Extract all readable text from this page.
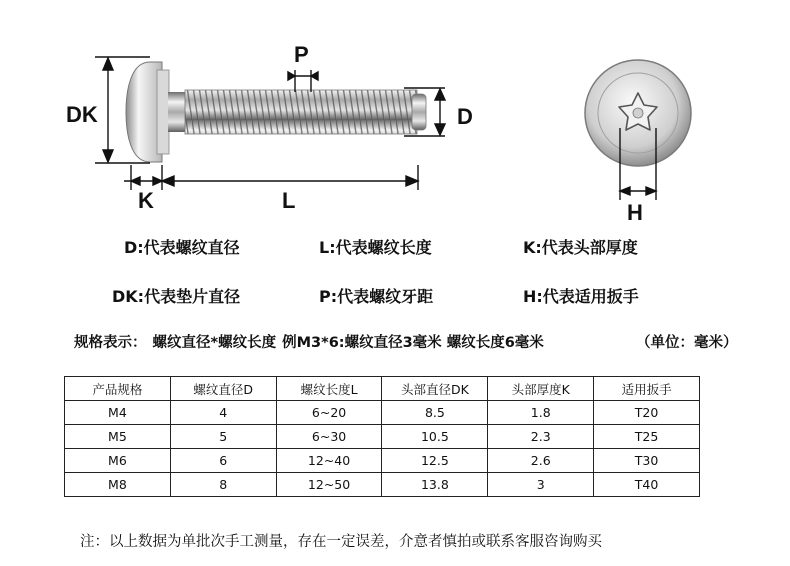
DK
P
D
K	L	H
D:代表螺纹直径	L:代表螺纹长度	K:代表头部厚度
DK:代表垫片直径	P:代表螺纹牙距	H:代表适用扳手
规格表示： 螺纹直径*螺纹长度 例M3*6:螺纹直径3毫米 螺纹长度6毫米	（单位：毫米）
产品规格	螺纹直径D	螺纹长度L	头部直径DK	头部厚度K	适用扳手
M4	4	6~20	8.5	1.8	T20
M5	5	6~30	10.5	2.3	T25
M6	6	12~40	12.5	2.6	T30
M8	8	12~50	13.8	3	T40
注：以上数据为单批次手工测量，存在一定误差，介意者慎拍或联系客服咨询购买
